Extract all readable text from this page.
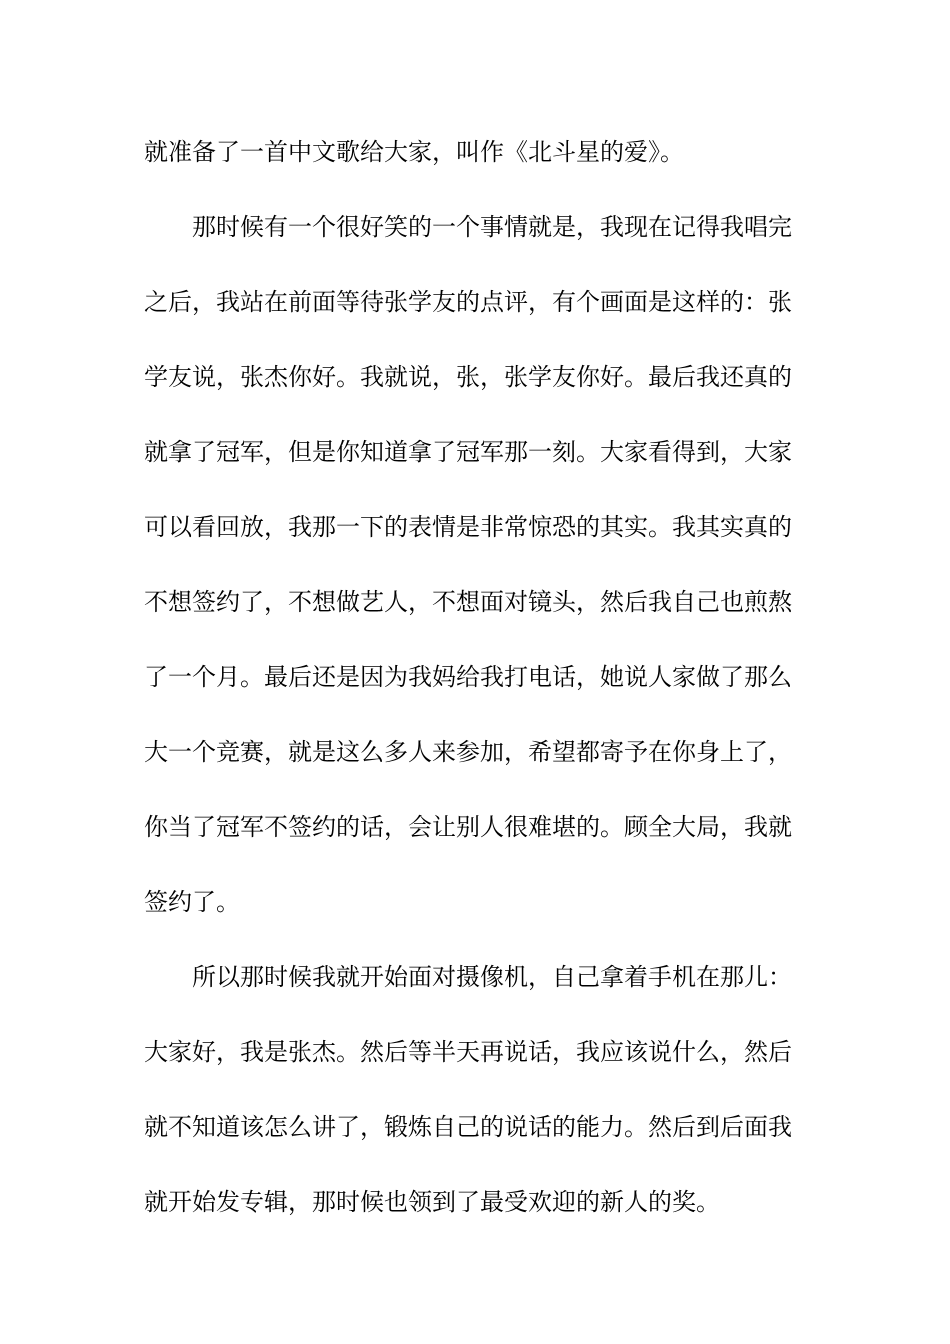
就准备了一首中文歌给大家，叫作《北斗星的爱》。
那时候有一个很好笑的一个事情就是，我现在记得我唱完
之后，我站在前面等待张学友的点评，有个画面是这样的：张
学友说，张杰你好。我就说，张，张学友你好。最后我还真的
就拿了冠军，但是你知道拿了冠军那一刻。大家看得到，大家
可以看回放，我那一下的表情是非常惊恐的其实。我其实真的
不想签约了，不想做艺人，不想面对镜头，然后我自己也煎熬
了一个月。最后还是因为我妈给我打电话，她说人家做了那么
大一个竞赛，就是这么多人来参加，希望都寄予在你身上了，
你当了冠军不签约的话，会让别人很难堪的。顾全大局，我就
签约了。
所以那时候我就开始面对摄像机，自己拿着手机在那儿：
大家好，我是张杰。然后等半天再说话，我应该说什么，然后
就不知道该怎么讲了，锻炼自己的说话的能力。然后到后面我
就开始发专辑，那时候也领到了最受欢迎的新人的奖。
